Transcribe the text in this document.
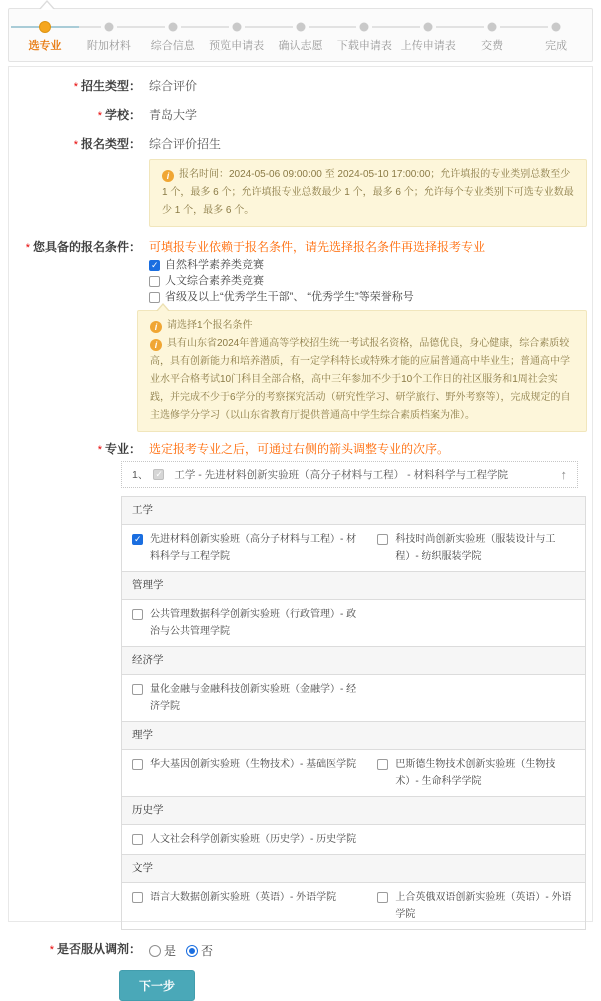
选专业	附加材料	综合信息	预览申请表	确认志愿	下载申请表 上传申请表	交费	完成
* 招生类型： 综合评价
* 学校： 青岛大学
* 报名类型： 综合评价招生
i报名时间：2024-05-06 09:00:00 至 2024-05-10 17:00:00；允许填报的专业类别总数至少 1 个，最多 6 个；允许填报专业总数最少 1 个，最多 6 个；允许每个专业类别下可选专业数最少 1 个，最多 6 个。
* 您具备的报名条件： 可填报专业依赖于报名条件，请先选择报名条件再选择报考专业
✓
自然科学素养类竞赛
人文综合素养类竞赛
省级及以上“优秀学生干部”、 “优秀学生”等荣誉称号
i请选择1个报名条件
i具有山东省2024年普通高等学校招生统一考试报名资格，品德优良，身心健康，综合素质较高，具有创新能力和培养潜质，有一定学科特长或特殊才能的应届普通高中毕业生；普通高中学业水平合格考试10门科目全部合格，高中三年参加不少于10个工作日的社区服务和1周社会实践，并完成不少于6学分的考察探究活动（研究性学习、研学旅行、野外考察等），完成规定的自主选修学分学习（以山东省教育厅提供普通高中学生综合素质档案为准）。
* 专业： 选定报考专业之后，可通过右侧的箭头调整专业的次序。
1、 ✓ 工学 - 先进材料创新实验班（高分子材料与工程） - 材料科学与工程学院
↑
工学
✓
先进材料创新实验班（高分子材料与工程）- 材料科学与工程学院
科技时尚创新实验班（服装设计与工程）- 纺织服装学院
管理学
公共管理数据科学创新实验班（行政管理）- 政治与公共管理学院
经济学
量化金融与金融科技创新实验班（金融学）- 经济学院
理学
华大基因创新实验班（生物技术）- 基础医学院	巴斯德生物技术创新实验班（生物技术）- 生命科学学院
历史学
人文社会科学创新实验班（历史学）- 历史学院
文学
语言大数据创新实验班（英语）- 外语学院	上合英俄双语创新实验班（英语）- 外语学院
* 是否服从调剂： 是 否
下一步
